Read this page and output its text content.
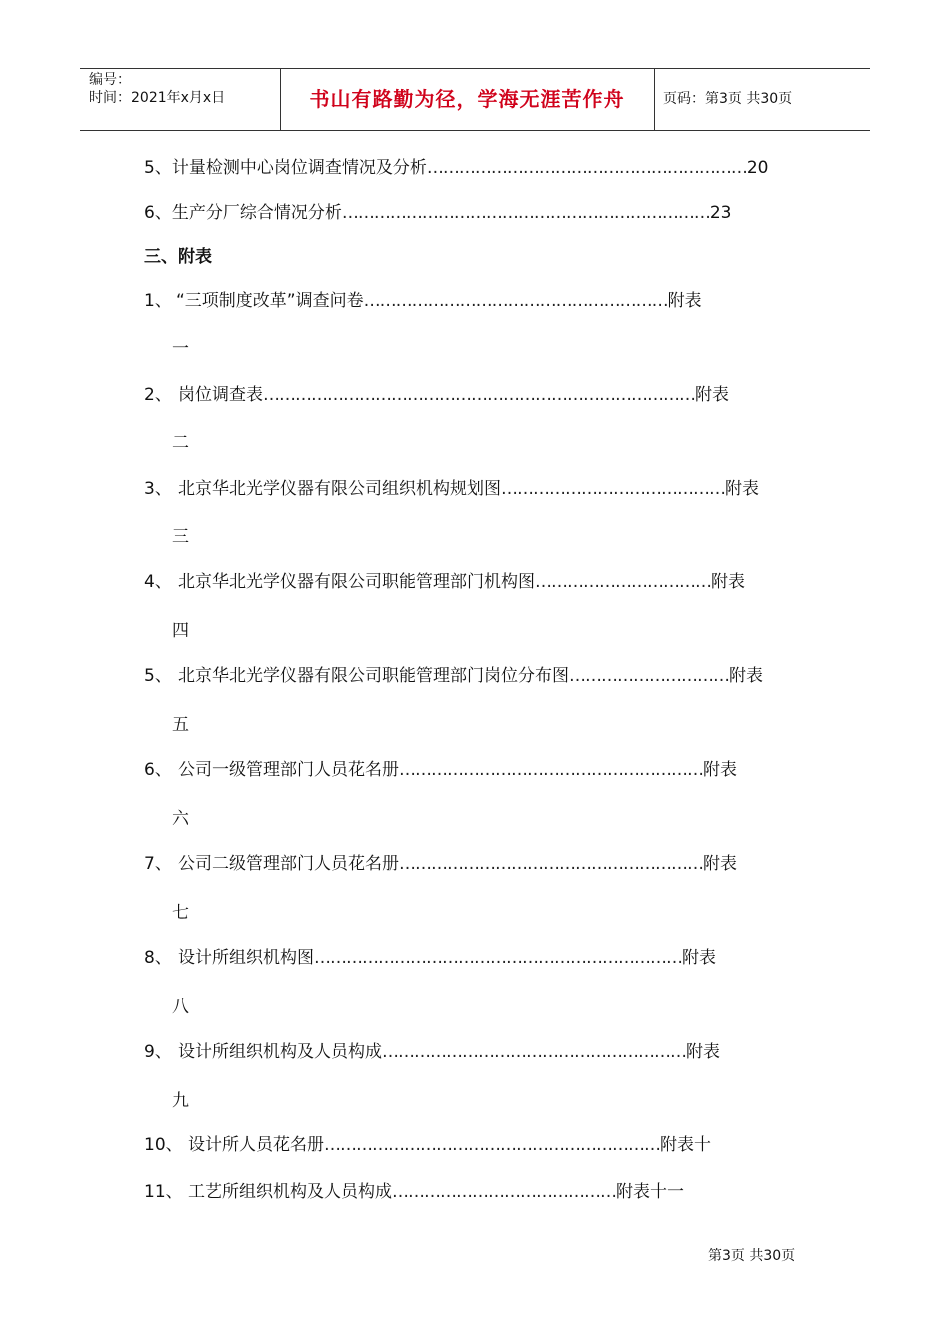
编号：
时间：2021年x月x日	书山有路勤为径，学海无涯苦作舟	页码：第3页 共30页
5、计量检测中心岗位调查情况及分析……………………………………………………20
6、生产分厂综合情况分析……………………………………………………………23
三、附表
1、 “三项制度改革”调查问卷…………………………………………………附表
一
2、 岗位调查表………………………………………………………………………附表
二
3、 北京华北光学仪器有限公司组织机构规划图……………………………………附表
三
4、 北京华北光学仪器有限公司职能管理部门机构图……………………………附表
四
5、 北京华北光学仪器有限公司职能管理部门岗位分布图…………………………附表
五
6、 公司一级管理部门人员花名册…………………………………………………附表
六
7、 公司二级管理部门人员花名册…………………………………………………附表
七
8、 设计所组织机构图……………………………………………………………附表
八
9、 设计所组织机构及人员构成…………………………………………………附表
九
10、 设计所人员花名册………………………………………………………附表十
11、 工艺所组织机构及人员构成……………………………………附表十一
第3页 共30页
